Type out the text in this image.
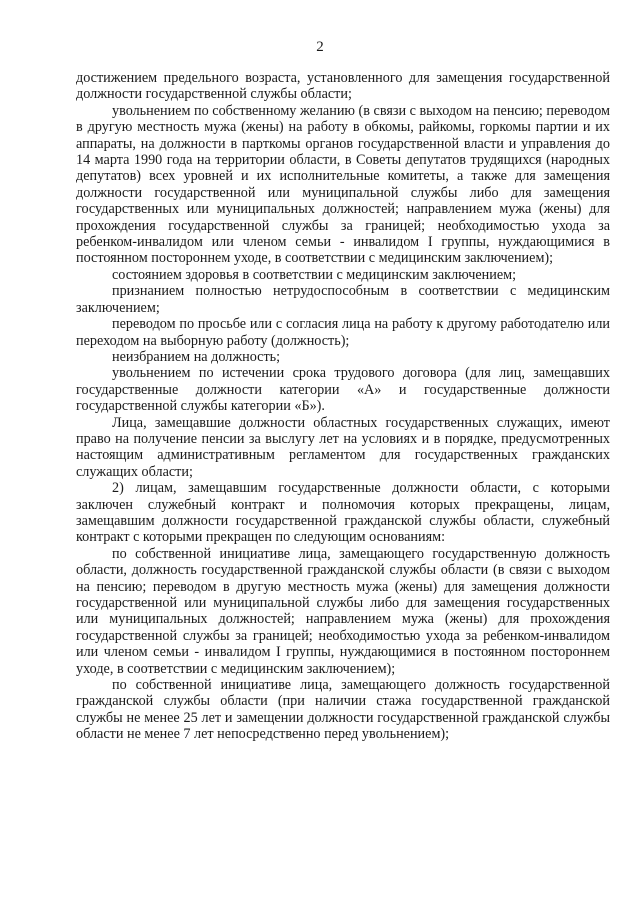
2

достижением предельного возраста, установленного для замещения государственной должности государственной службы области;

увольнением по собственному желанию (в связи с выходом на пенсию; переводом в другую местность мужа (жены) на работу в обкомы, райкомы, горкомы партии и их аппараты, на должности в парткомы органов государственной власти и управления до 14 марта 1990 года на территории области, в Советы депутатов трудящихся (народных депутатов) всех уровней и их исполнительные комитеты, а также для замещения должности государственной или муниципальной службы либо для замещения государственных или муниципальных должностей; направлением мужа (жены) для прохождения государственной службы за границей; необходимостью ухода за ребенком-инвалидом или членом семьи - инвалидом I группы, нуждающимися в постоянном постороннем уходе, в соответствии с медицинским заключением);

состоянием здоровья в соответствии с медицинским заключением;

признанием полностью нетрудоспособным в соответствии с медицинским заключением;

переводом по просьбе или с согласия лица на работу к другому работодателю или переходом на выборную работу (должность);

неизбранием на должность;

увольнением по истечении срока трудового договора (для лиц, замещавших государственные должности категории «А» и государственные должности государственной службы категории «Б»).

Лица, замещавшие должности областных государственных служащих, имеют право на получение пенсии за выслугу лет на условиях и в порядке, предусмотренных настоящим административным регламентом для государственных гражданских служащих области;

2) лицам, замещавшим государственные должности области, с которыми заключен служебный контракт и полномочия которых прекращены, лицам, замещавшим должности государственной гражданской службы области, служебный контракт с которыми прекращен по следующим основаниям:

по собственной инициативе лица, замещающего государственную должность области, должность государственной гражданской службы области (в связи с выходом на пенсию; переводом в другую местность мужа (жены) для замещения должности государственной или муниципальной службы либо для замещения государственных или муниципальных должностей; направлением мужа (жены) для прохождения государственной службы за границей; необходимостью ухода за ребенком-инвалидом или членом семьи - инвалидом I группы, нуждающимися в постоянном постороннем уходе, в соответствии с медицинским заключением);

по собственной инициативе лица, замещающего должность государственной гражданской службы области (при наличии стажа государственной гражданской службы не менее 25 лет и замещении должности государственной гражданской службы области не менее 7 лет непосредственно перед увольнением);
